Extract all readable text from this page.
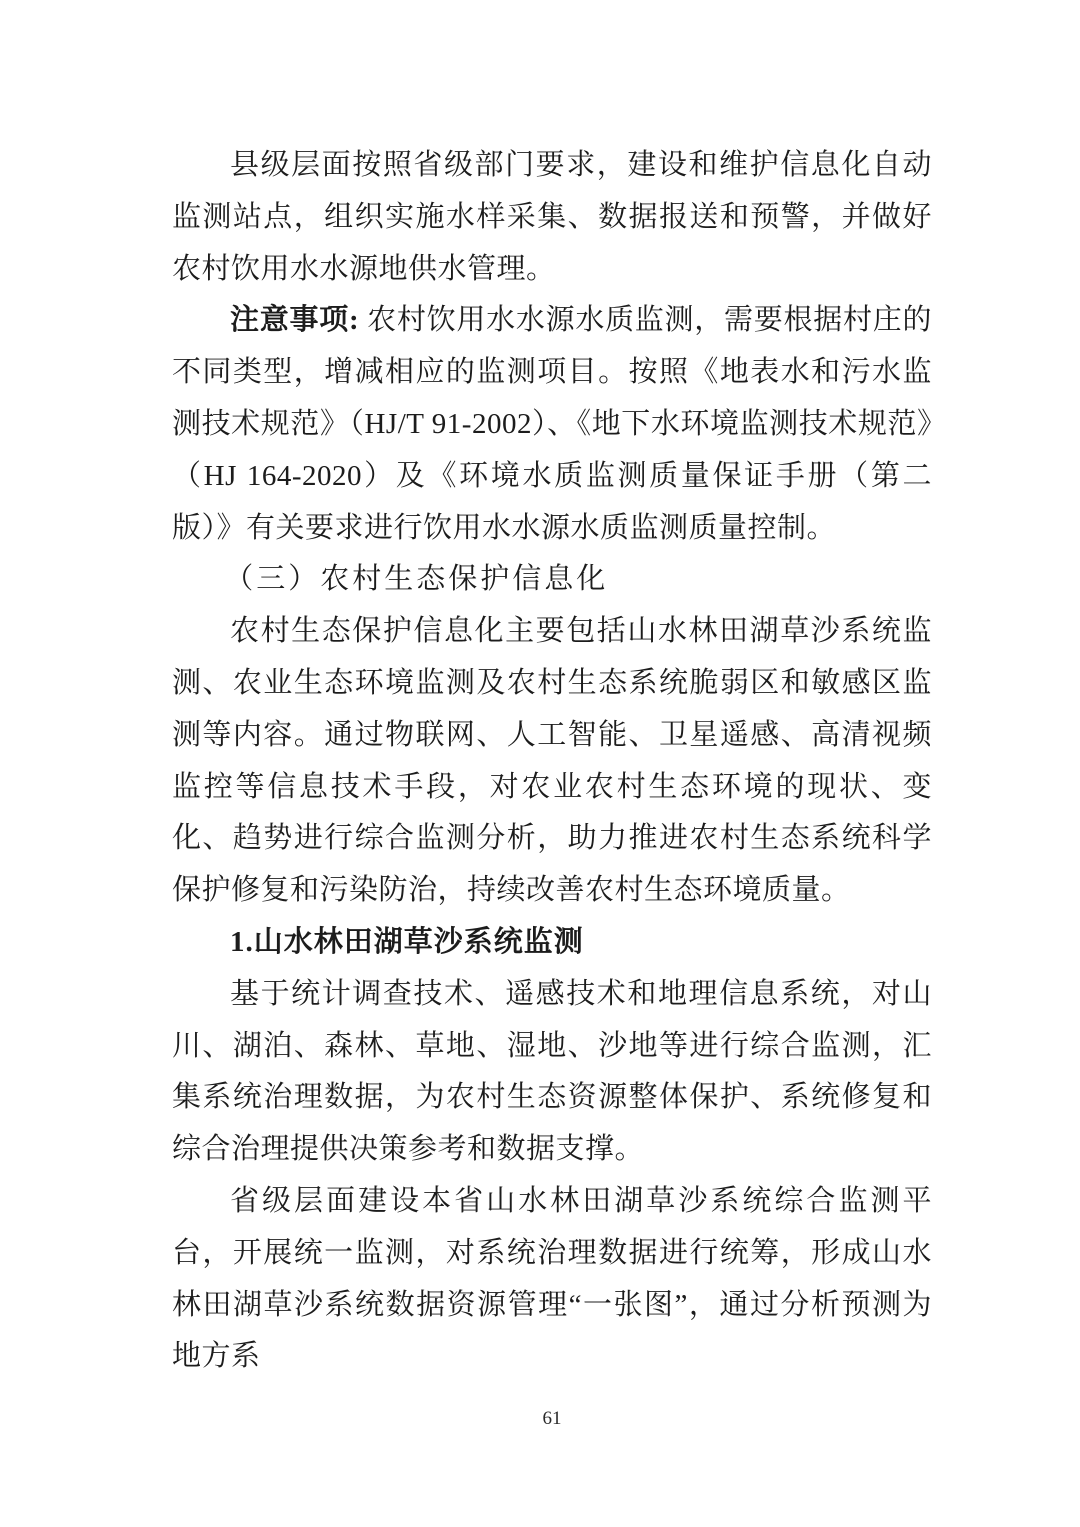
县级层面按照省级部门要求，建设和维护信息化自动监测站点，组织实施水样采集、数据报送和预警，并做好农村饮用水水源地供水管理。

注意事项: 农村饮用水水源水质监测，需要根据村庄的不同类型，增减相应的监测项目。按照《地表水和污水监测技术规范》（HJ/T 91-2002）、《地下水环境监测技术规范》（HJ 164-2020）及《环境水质监测质量保证手册（第二版）》有关要求进行饮用水水源水质监测质量控制。

（三）农村生态保护信息化

农村生态保护信息化主要包括山水林田湖草沙系统监测、农业生态环境监测及农村生态系统脆弱区和敏感区监测等内容。通过物联网、人工智能、卫星遥感、高清视频监控等信息技术手段，对农业农村生态环境的现状、变化、趋势进行综合监测分析，助力推进农村生态系统科学保护修复和污染防治，持续改善农村生态环境质量。

1.山水林田湖草沙系统监测

基于统计调查技术、遥感技术和地理信息系统，对山川、湖泊、森林、草地、湿地、沙地等进行综合监测，汇集系统治理数据，为农村生态资源整体保护、系统修复和综合治理提供决策参考和数据支撑。

省级层面建设本省山水林田湖草沙系统综合监测平台，开展统一监测，对系统治理数据进行统筹，形成山水林田湖草沙系统数据资源管理“一张图”，通过分析预测为地方系

61
